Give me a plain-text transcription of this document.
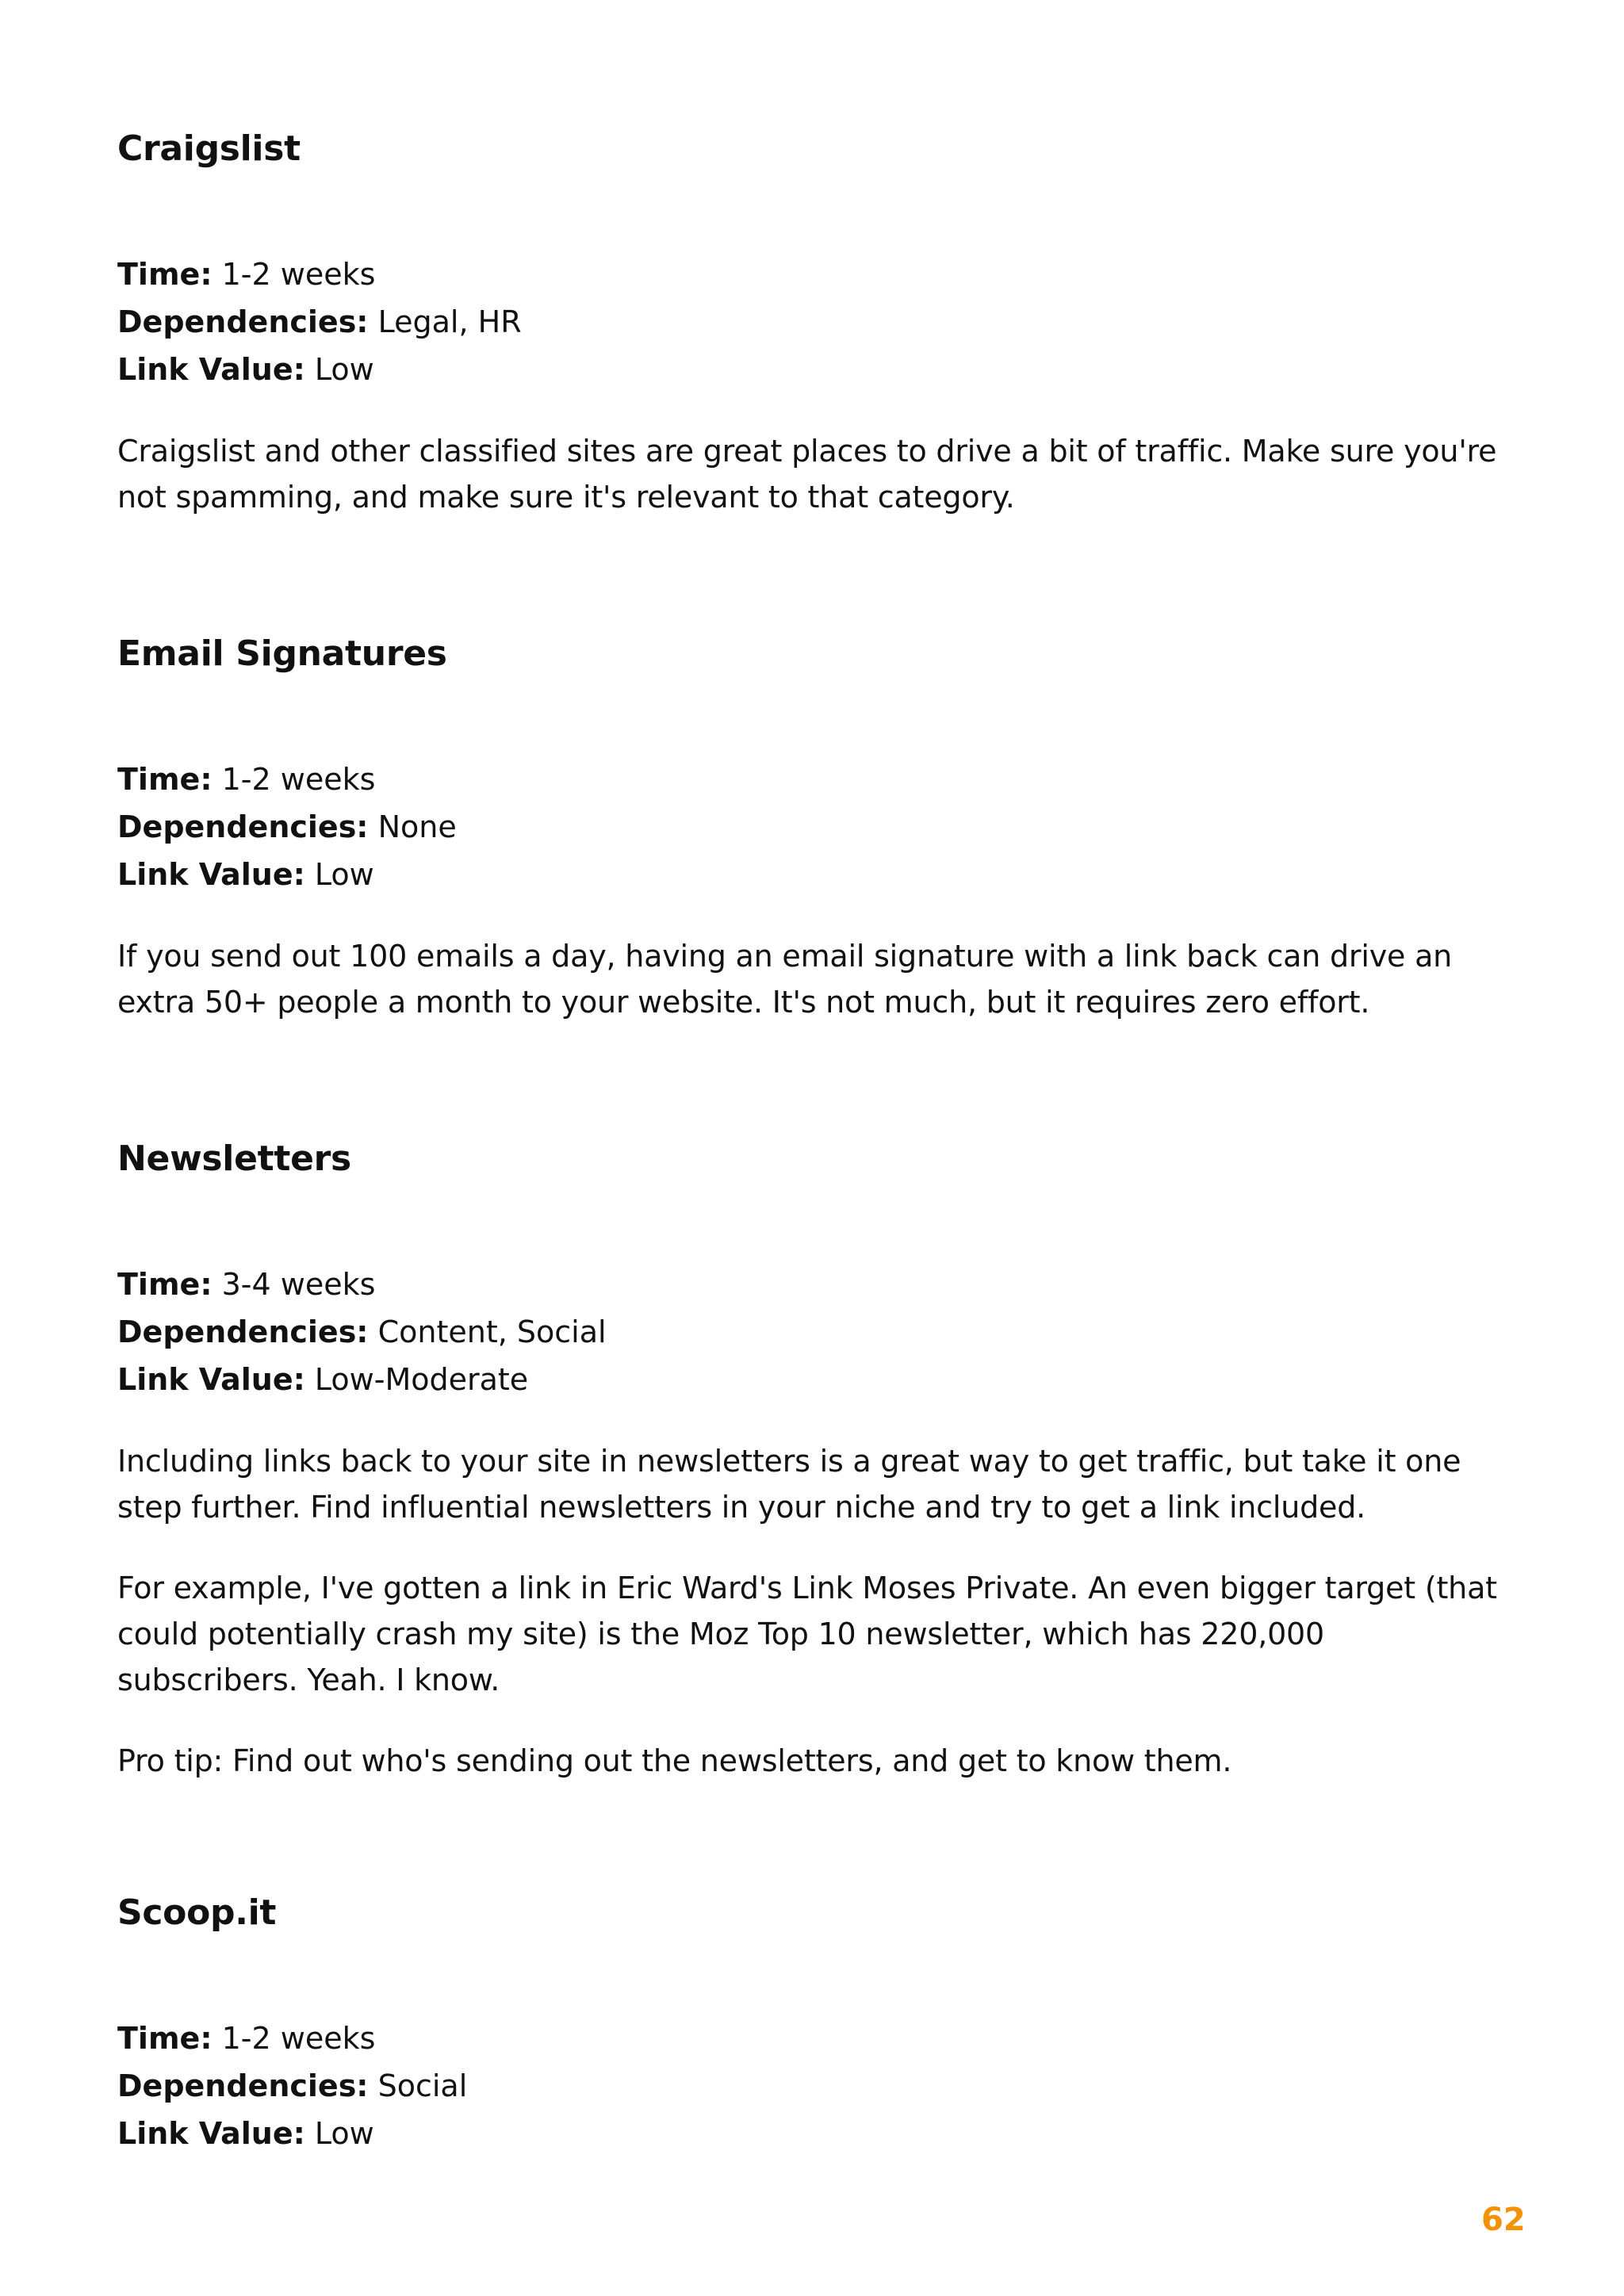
Craigslist
Time: 1-2 weeks
Dependencies: Legal, HR
Link Value: Low

Craigslist and other classified sites are great places to drive a bit of traffic. Make sure you're not spamming, and make sure it's relevant to that category.

Email Signatures
Time: 1-2 weeks
Dependencies: None
Link Value: Low

If you send out 100 emails a day, having an email signature with a link back can drive an extra 50+ people a month to your website. It's not much, but it requires zero effort.

Newsletters
Time: 3-4 weeks
Dependencies: Content, Social
Link Value: Low-Moderate

Including links back to your site in newsletters is a great way to get traffic, but take it one step further. Find influential newsletters in your niche and try to get a link included.

For example, I've gotten a link in Eric Ward's Link Moses Private. An even bigger target (that could potentially crash my site) is the Moz Top 10 newsletter, which has 220,000 subscribers. Yeah. I know.

Pro tip: Find out who's sending out the newsletters, and get to know them.

Scoop.it
Time: 1-2 weeks
Dependencies: Social
Link Value: Low
62
